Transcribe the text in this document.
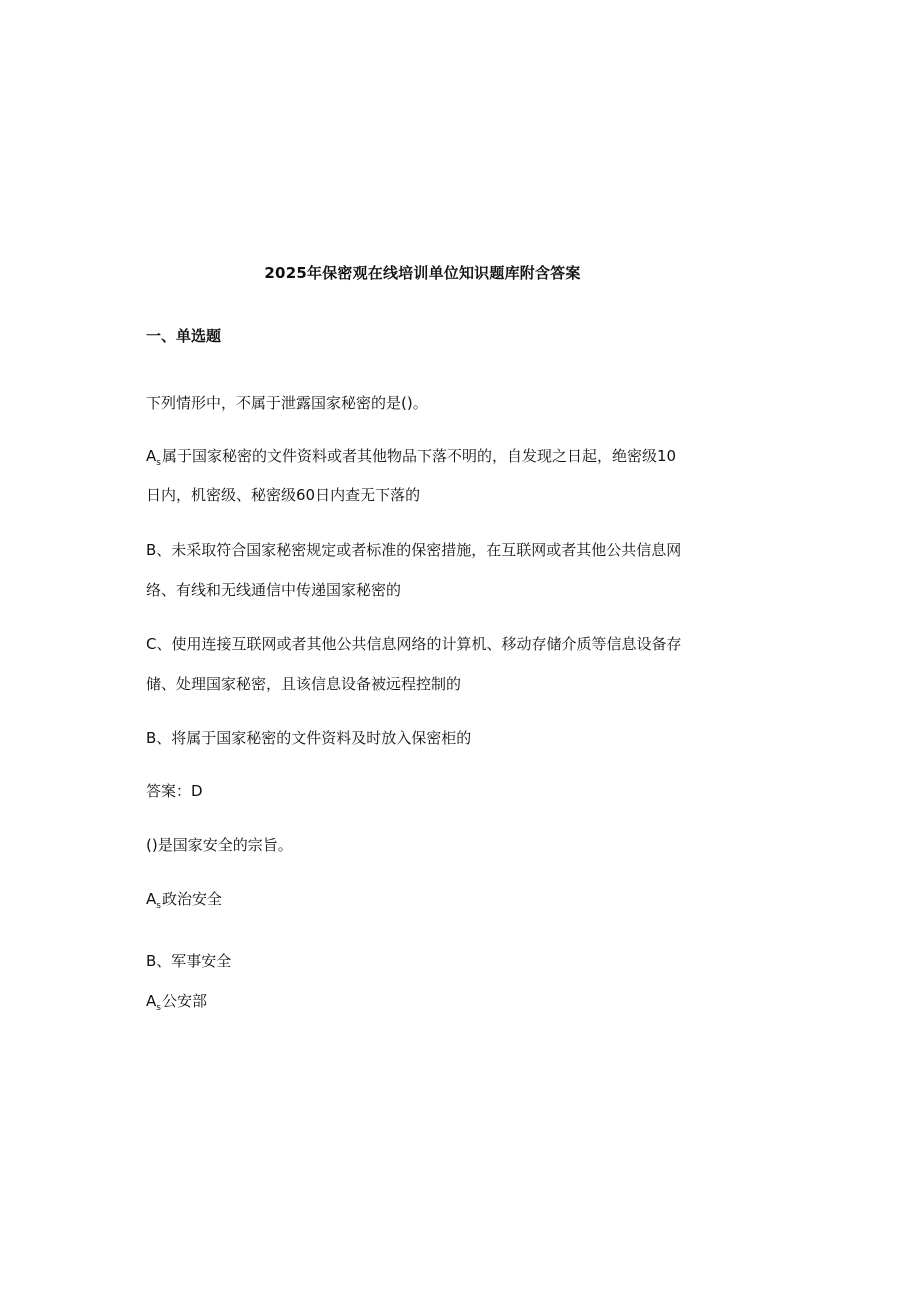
2025年保密观在线培训单位知识题库附含答案
一、单选题
下列情形中，不属于泄露国家秘密的是()。
$A_s$属于国家秘密的文件资料或者其他物品下落不明的，自发现之日起，绝密级10
日内，机密级、秘密级60日内查无下落的
B、未采取符合国家秘密规定或者标准的保密措施，在互联网或者其他公共信息网
络、有线和无线通信中传递国家秘密的
C、使用连接互联网或者其他公共信息网络的计算机、移动存储介质等信息设备存
储、处理国家秘密，且该信息设备被远程控制的
B、将属于国家秘密的文件资料及时放入保密柜的
答案：D
()是国家安全的宗旨。
$A_s$政治安全
B、军事安全
$A_s$公安部
